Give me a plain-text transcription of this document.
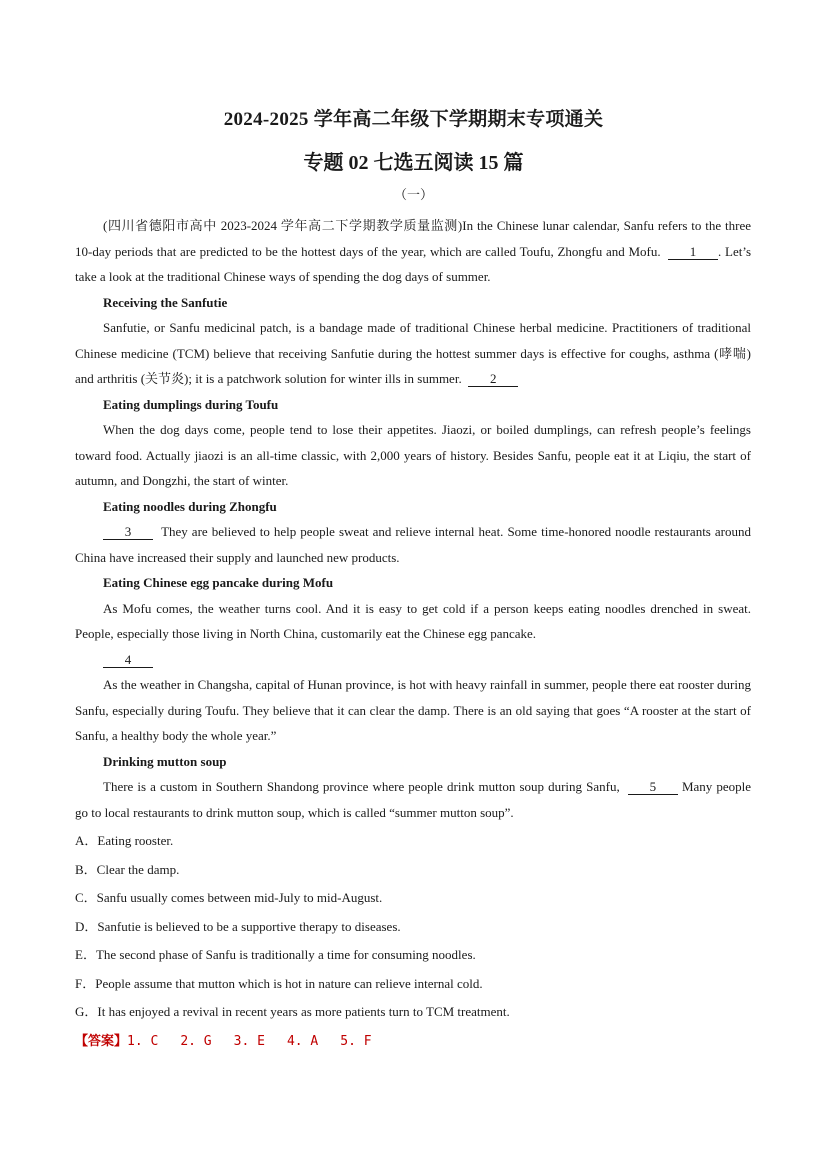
2024-2025 学年高二年级下学期期末专项通关
专题 02 七选五阅读 15 篇
（一）

(四川省德阳市高中 2023-2024 学年高二下学期教学质量监测)In the Chinese lunar calendar, Sanfu refers to the three 10-day periods that are predicted to be the hottest days of the year, which are called Toufu, Zhongfu and Mofu. 1 . Let’s take a look at the traditional Chinese ways of spending the dog days of summer.

Receiving the Sanfutie

Sanfutie, or Sanfu medicinal patch, is a bandage made of traditional Chinese herbal medicine. Practitioners of traditional Chinese medicine (TCM) believe that receiving Sanfutie during the hottest summer days is effective for coughs, asthma (哮喘) and arthritis (关节炎); it is a patchwork solution for winter ills in summer. 2

Eating dumplings during Toufu

When the dog days come, people tend to lose their appetites. Jiaozi, or boiled dumplings, can refresh people’s feelings toward food. Actually jiaozi is an all-time classic, with 2,000 years of history. Besides Sanfu, people eat it at Liqiu, the start of autumn, and Dongzhi, the start of winter.

Eating noodles during Zhongfu

3 They are believed to help people sweat and relieve internal heat. Some time-honored noodle restaurants around China have increased their supply and launched new products.

Eating Chinese egg pancake during Mofu

As Mofu comes, the weather turns cool. And it is easy to get cold if a person keeps eating noodles drenched in sweat. People, especially those living in North China, customarily eat the Chinese egg pancake.

4

As the weather in Changsha, capital of Hunan province, is hot with heavy rainfall in summer, people there eat rooster during Sanfu, especially during Toufu. They believe that it can clear the damp. There is an old saying that goes “A rooster at the start of Sanfu, a healthy body the whole year.”

Drinking mutton soup

There is a custom in Southern Shandong province where people drink mutton soup during Sanfu, 5 Many people go to local restaurants to drink mutton soup, which is called “summer mutton soup”.

A．Eating rooster.

B．Clear the damp.

C．Sanfu usually comes between mid-July to mid-August.

D．Sanfutie is believed to be a supportive therapy to diseases.

E．The second phase of Sanfu is traditionally a time for consuming noodles.

F．People assume that mutton which is hot in nature can relieve internal cold.

G．It has enjoyed a revival in recent years as more patients turn to TCM treatment.

【答案】1. C 2. G 3. E 4. A 5. F
